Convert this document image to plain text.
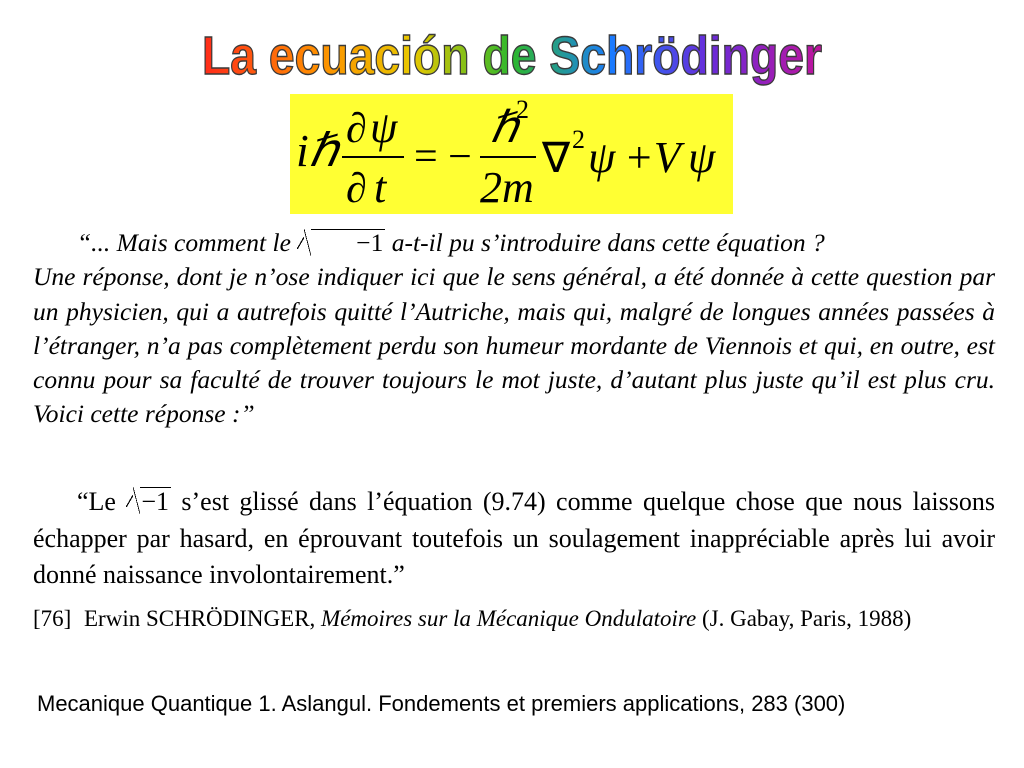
La ecuación de Schrödinger
iℏ ∂ ψ
∂ t
= −
ℏ
2
2m
∇ 2 ψ +V ψ
“... Mais comment le −1 a-t-il pu s’introduire dans cette équation ?
Une réponse, dont je n’ose indiquer ici que le sens général, a été donnée à cette question par un physicien, qui a autrefois quitté l’Autriche, mais qui, malgré de longues années passées à l’étranger, n’a pas complètement perdu son humeur mordante de Viennois et qui, en outre, est connu pour sa faculté de trouver toujours le mot juste, d’autant plus juste qu’il est plus cru. Voici cette réponse :”
“Le −1 s’est glissé dans l’équation (9.74) comme quelque chose que nous laissons échapper par hasard, en éprouvant toutefois un soulagement inappréciable après lui avoir donné naissance involontairement.”
[76] Erwin SCHRÖDINGER, Mémoires sur la Mécanique Ondulatoire (J. Gabay, Paris, 1988)
Mecanique Quantique 1. Aslangul. Fondements et premiers applications, 283 (300)
